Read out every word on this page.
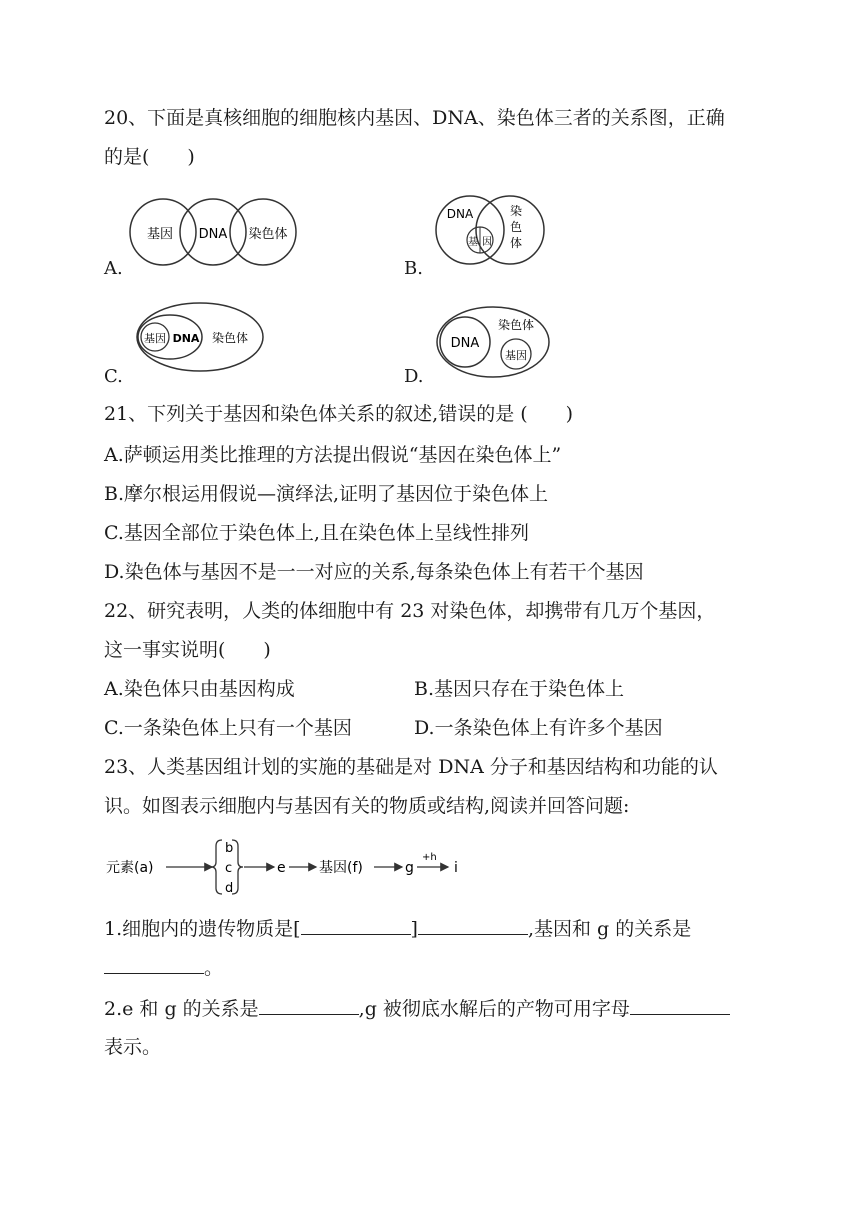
20、下面是真核细胞的细胞核内基因、DNA、染色体三者的关系图，正确
的是(　　)
基因 DNA 染色体
A.
DNA
基 因
染
色
体
B.
基因 DNA 染色体
C.
DNA
染色体
基因
D.
21、下列关于基因和染色体关系的叙述,错误的是 (　　)
A.萨顿运用类比推理的方法提出假说“基因在染色体上”
B.摩尔根运用假说—演绎法,证明了基因位于染色体上
C.基因全部位于染色体上,且在染色体上呈线性排列
D.染色体与基因不是一一对应的关系,每条染色体上有若干个基因
22、研究表明，人类的体细胞中有 23 对染色体，却携带有几万个基因，
这一事实说明(　　)
A.染色体只由基因构成	B.基因只存在于染色体上
C.一条染色体上只有一个基因	D.一条染色体上有许多个基因
23、人类基因组计划的实施的基础是对 DNA 分子和基因结构和功能的认
识。如图表示细胞内与基因有关的物质或结构,阅读并回答问题:
元素(a)
b
c
d
e 基因(f)	g
+h
i
1.细胞内的遗传物质是[	]	,基因和 g 的关系是
。
2.e 和 g 的关系是	,g 被彻底水解后的产物可用字母
表示。
